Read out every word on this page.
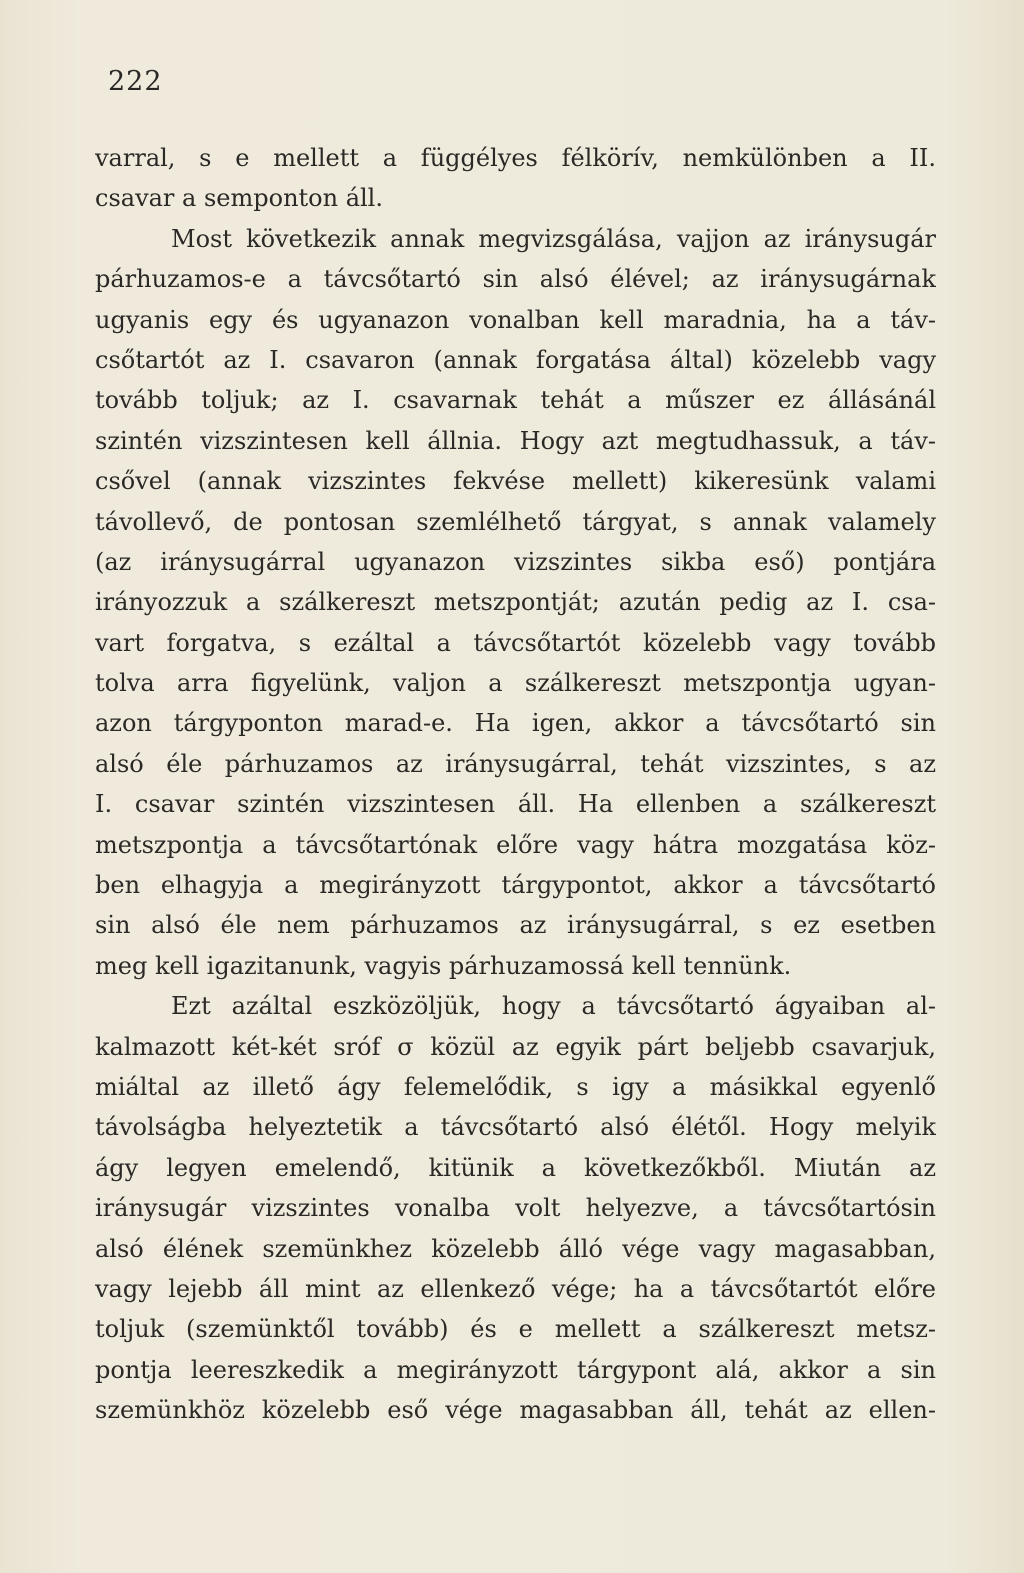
222
varral, s e mellett a függélyes félkörív, nemkülönben a II.
csavar a semponton áll.
Most következik annak megvizsgálása, vajjon az iránysugár
párhuzamos-e a távcsőtartó sin alsó élével; az iránysugárnak
ugyanis egy és ugyanazon vonalban kell maradnia, ha a táv-
csőtartót az I. csavaron (annak forgatása által) közelebb vagy
tovább toljuk; az I. csavarnak tehát a műszer ez állásánál
szintén vizszintesen kell állnia. Hogy azt megtudhassuk, a táv-
csővel (annak vizszintes fekvése mellett) kikeresünk valami
távollevő, de pontosan szemlélhető tárgyat, s annak valamely
(az iránysugárral ugyanazon vizszintes sikba eső) pontjára
irányozzuk a szálkereszt metszpontját; azután pedig az I. csa-
vart forgatva, s ezáltal a távcsőtartót közelebb vagy tovább
tolva arra figyelünk, valjon a szálkereszt metszpontja ugyan-
azon tárgyponton marad-e. Ha igen, akkor a távcsőtartó sin
alsó éle párhuzamos az iránysugárral, tehát vizszintes, s az
I. csavar szintén vizszintesen áll. Ha ellenben a szálkereszt
metszpontja a távcsőtartónak előre vagy hátra mozgatása köz-
ben elhagyja a megirányzott tárgypontot, akkor a távcsőtartó
sin alsó éle nem párhuzamos az iránysugárral, s ez esetben
meg kell igazitanunk, vagyis párhuzamossá kell tennünk.
Ezt azáltal eszközöljük, hogy a távcsőtartó ágyaiban al-
kalmazott két-két sróf σ közül az egyik párt beljebb csavarjuk,
miáltal az illető ágy felemelődik, s igy a másikkal egyenlő
távolságba helyeztetik a távcsőtartó alsó élétől. Hogy melyik
ágy legyen emelendő, kitünik a következőkből. Miután az
iránysugár vizszintes vonalba volt helyezve, a távcsőtartósin
alsó élének szemünkhez közelebb álló vége vagy magasabban,
vagy lejebb áll mint az ellenkező vége; ha a távcsőtartót előre
toljuk (szemünktől tovább) és e mellett a szálkereszt metsz-
pontja leereszkedik a megirányzott tárgypont alá, akkor a sin
szemünkhöz közelebb eső vége magasabban áll, tehát az ellen-
